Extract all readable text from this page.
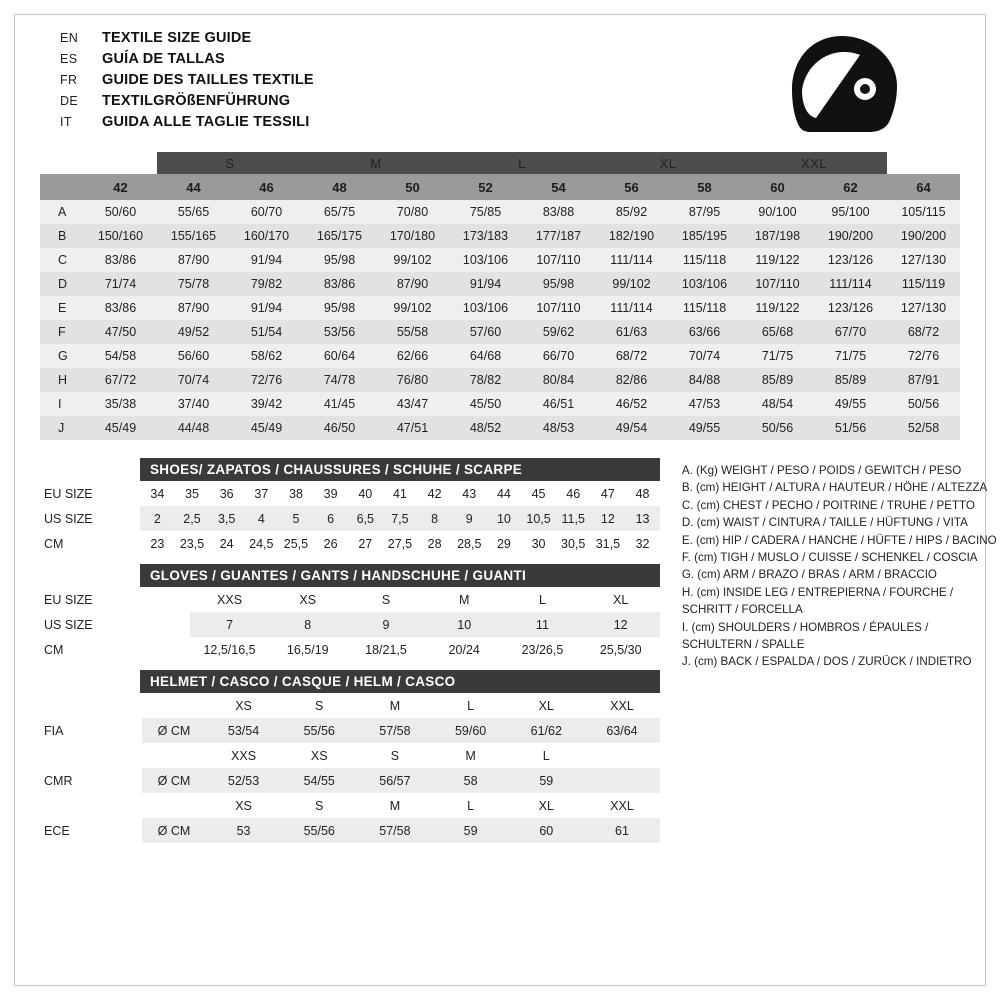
EN	TEXTILE SIZE GUIDE
ES	GUÍA DE TALLAS
FR	GUIDE DES TAILLES TEXTILE
DE	TEXTILGRÖßENFÜHRUNG
IT	GUIDA ALLE TAGLIE TESSILI
		S		M		L		XL		XXL		
	42	44	46	48	50	52	54	56	58	60	62	64
A	50/60	55/65	60/70	65/75	70/80	75/85	83/88	85/92	87/95	90/100	95/100	105/115
B	150/160	155/165	160/170	165/175	170/180	173/183	177/187	182/190	185/195	187/198	190/200	190/200
C	83/86	87/90	91/94	95/98	99/102	103/106	107/110	111/114	115/118	119/122	123/126	127/130
D	71/74	75/78	79/82	83/86	87/90	91/94	95/98	99/102	103/106	107/110	111/114	115/119
E	83/86	87/90	91/94	95/98	99/102	103/106	107/110	111/114	115/118	119/122	123/126	127/130
F	47/50	49/52	51/54	53/56	55/58	57/60	59/62	61/63	63/66	65/68	67/70	68/72
G	54/58	56/60	58/62	60/64	62/66	64/68	66/70	68/72	70/74	71/75	71/75	72/76
H	67/72	70/74	72/76	74/78	76/80	78/82	80/84	82/86	84/88	85/89	85/89	87/91
I	35/38	37/40	39/42	41/45	43/47	45/50	46/51	46/52	47/53	48/54	49/55	50/56
J	45/49	44/48	45/49	46/50	47/51	48/52	48/53	49/54	49/55	50/56	51/56	52/58
SHOES/ ZAPATOS / CHAUSSURES / SCHUHE / SCARPE
EU SIZE	34	35	36	37	38	39	40	41	42	43	44	45	46	47	48
US SIZE	2	2,5	3,5	4	5	6	6,5	7,5	8	9	10	10,5	11,5	12	13
CM	23	23,5	24	24,5	25,5	26	27	27,5	28	28,5	29	30	30,5	31,5	32
GLOVES / GUANTES / GANTS / HANDSCHUHE / GUANTI
EU SIZE	XXS	XS	S	M	L	XL
US SIZE	7	8	9	10	11	12
CM	12,5/16,5	16,5/19	18/21,5	20/24	23/26,5	25,5/30
HELMET / CASCO / CASQUE / HELM / CASCO
		XS	S	M	L	XL	XXL
FIA	Ø CM	53/54	55/56	57/58	59/60	61/62	63/64
		XXS	XS	S	M	L	
CMR	Ø CM	52/53	54/55	56/57	58	59	
		XS	S	M	L	XL	XXL
ECE	Ø CM	53	55/56	57/58	59	60	61
A. (Kg) WEIGHT / PESO / POIDS / GEWITCH / PESO
B. (cm) HEIGHT / ALTURA / HAUTEUR / HÖHE / ALTEZZA
C. (cm) CHEST / PECHO / POITRINE / TRUHE / PETTO
D. (cm) WAIST / CINTURA / TAILLE / HÜFTUNG / VITA
E. (cm) HIP / CADERA / HANCHE / HÜFTE / HIPS / BACINO
F. (cm) TIGH / MUSLO / CUISSE / SCHENKEL / COSCIA
G. (cm) ARM / BRAZO / BRAS / ARM / BRACCIO
H. (cm) INSIDE LEG / ENTREPIERNA / FOURCHE /
SCHRITT / FORCELLA
I. (cm) SHOULDERS / HOMBROS / ÉPAULES /
SCHULTERN / SPALLE
J. (cm) BACK / ESPALDA / DOS / ZURÜCK / INDIETRO
